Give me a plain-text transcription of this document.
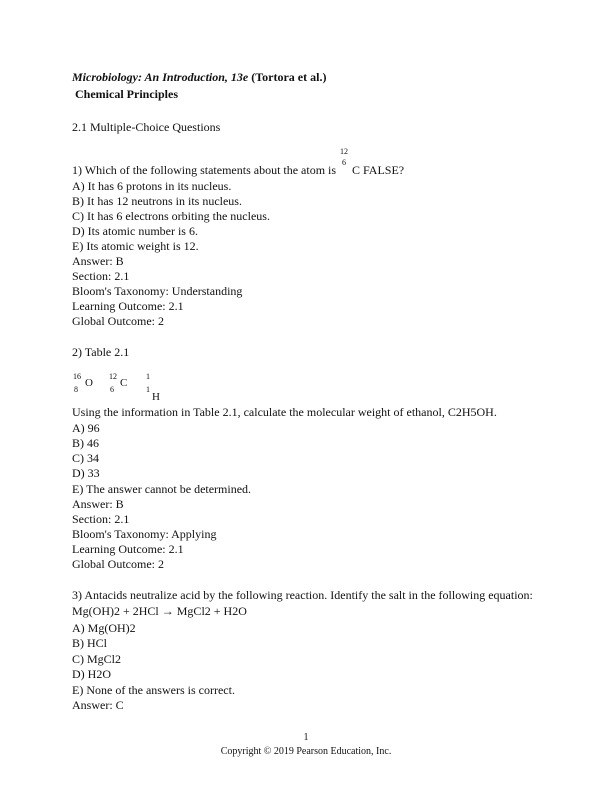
Microbiology: An Introduction, 13e (Tortora et al.)
Chemical Principles
2.1 Multiple-Choice Questions
12
6
1) Which of the following statements about the atom is C FALSE?
A) It has 6 protons in its nucleus.
B) It has 12 neutrons in its nucleus.
C) It has 6 electrons orbiting the nucleus.
D) Its atomic number is 6.
E) Its atomic weight is 12.
Answer: B
Section: 2.1
Bloom's Taxonomy: Understanding
Learning Outcome: 2.1
Global Outcome: 2
2) Table 2.1
16
8
O
12
6
C
1
1
H
Using the information in Table 2.1, calculate the molecular weight of ethanol, C2H5OH.
A) 96
B) 46
C) 34
D) 33
E) The answer cannot be determined.
Answer: B
Section: 2.1
Bloom's Taxonomy: Applying
Learning Outcome: 2.1
Global Outcome: 2
3) Antacids neutralize acid by the following reaction. Identify the salt in the following equation:
Mg(OH)2 + 2HCl → MgCl2 + H2O
A) Mg(OH)2
B) HCl
C) MgCl2
D) H2O
E) None of the answers is correct.
Answer: C
1
Copyright © 2019 Pearson Education, Inc.
